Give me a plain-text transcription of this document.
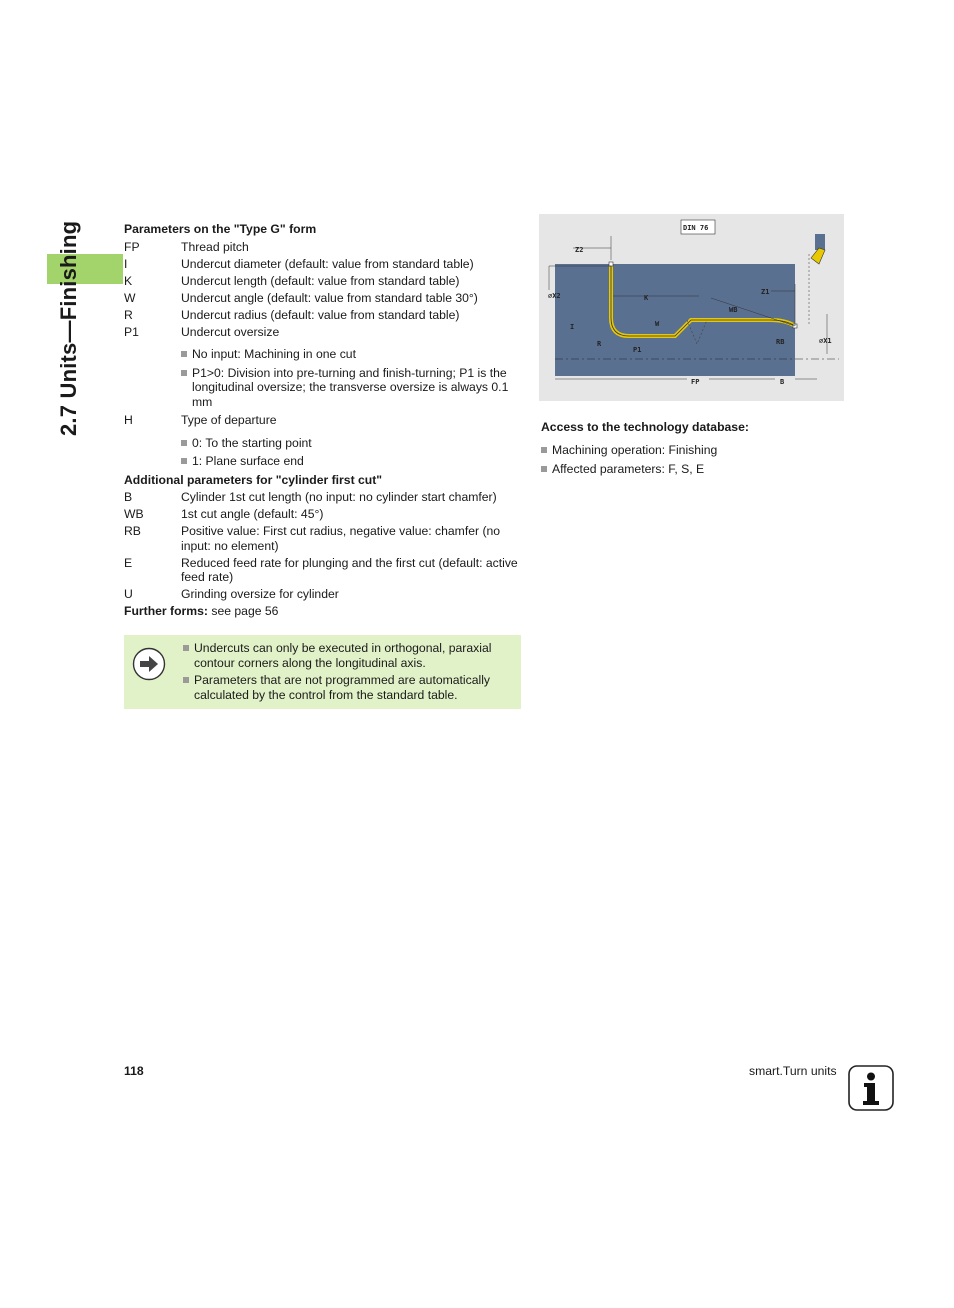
2.7 Units—Finishing	Parameters on the "Type G" form
FP	Thread pitch
I	Undercut diameter (default: value from standard table)
K	Undercut length (default: value from standard table)
W	Undercut angle (default: value from standard table 30°)
R	Undercut radius (default: value from standard table)
P1	Undercut oversize
No input: Machining in one cut
P1>0: Division into pre-turning and finish-turning; P1 is the longitudinal oversize; the transverse oversize is always 0.1 mm
H	Type of departure
0: To the starting point
1: Plane surface end
Additional parameters for "cylinder first cut"
B	Cylinder 1st cut length (no input: no cylinder start chamfer)
WB	1st cut angle (default: 45°)
RB	Positive value: First cut radius, negative value: chamfer (no input: no element)
E	Reduced feed rate for plunging and the first cut (default: active feed rate)
U	Grinding oversize for cylinder
Further forms: see page 56
Undercuts can only be executed in orthogonal, paraxial contour corners along the longitudinal axis.
Parameters that are not programmed are automatically calculated by the control from the standard table.
DIN 76
Z2
⌀X2	K
Z1
WB
W
I
R
P1
RB	⌀X1
FP	B
Access to the technology database:
Machining operation: Finishing
Affected parameters: F, S, E
118	smart.Turn units
